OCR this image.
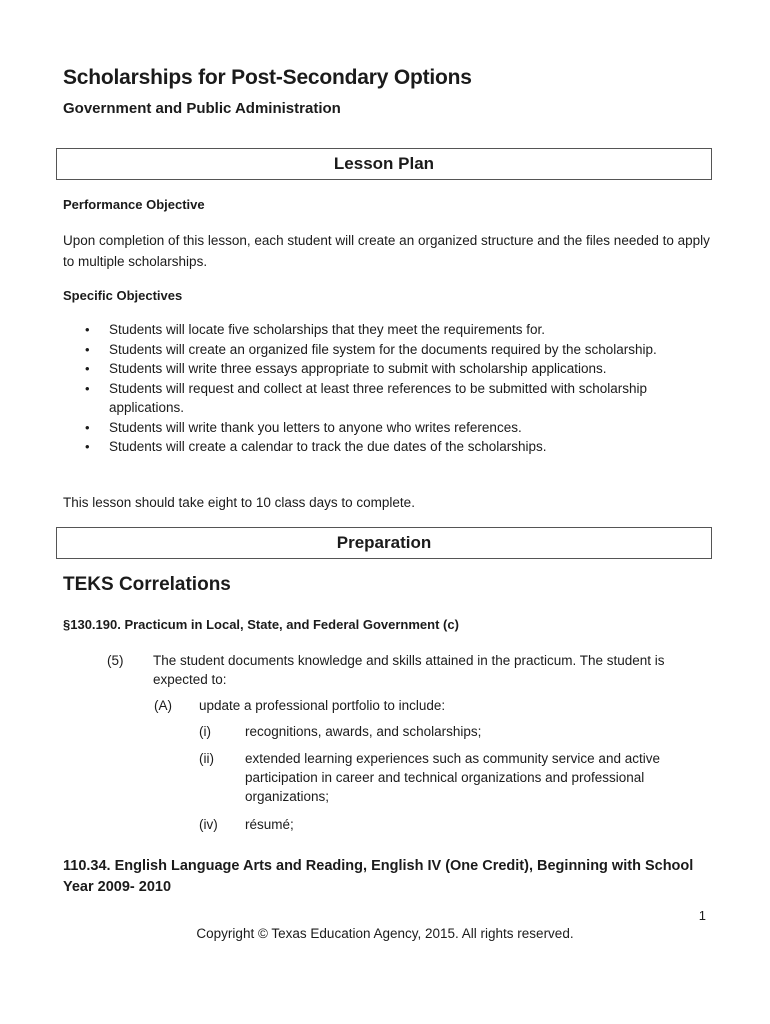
Scholarships for Post-Secondary Options
Government and Public Administration
Lesson Plan
Performance Objective
Upon completion of this lesson, each student will create an organized structure and the files needed to apply to multiple scholarships.
Specific Objectives
• Students will locate five scholarships that they meet the requirements for.
• Students will create an organized file system for the documents required by the scholarship.
• Students will write three essays appropriate to submit with scholarship applications.
• Students will request and collect at least three references to be submitted with scholarship applications.
• Students will write thank you letters to anyone who writes references.
• Students will create a calendar to track the due dates of the scholarships.
This lesson should take eight to 10 class days to complete.
Preparation
TEKS Correlations
§130.190. Practicum in Local, State, and Federal Government (c)
(5) The student documents knowledge and skills attained in the practicum. The student is expected to:
(A) update a professional portfolio to include:
(i)	recognitions, awards, and scholarships;
(ii) extended learning experiences such as community service and active participation in career and technical organizations and professional organizations;
(iv) résumé;
110.34. English Language Arts and Reading, English IV (One Credit), Beginning with School Year 2009- 2010
1
Copyright © Texas Education Agency, 2015. All rights reserved.
